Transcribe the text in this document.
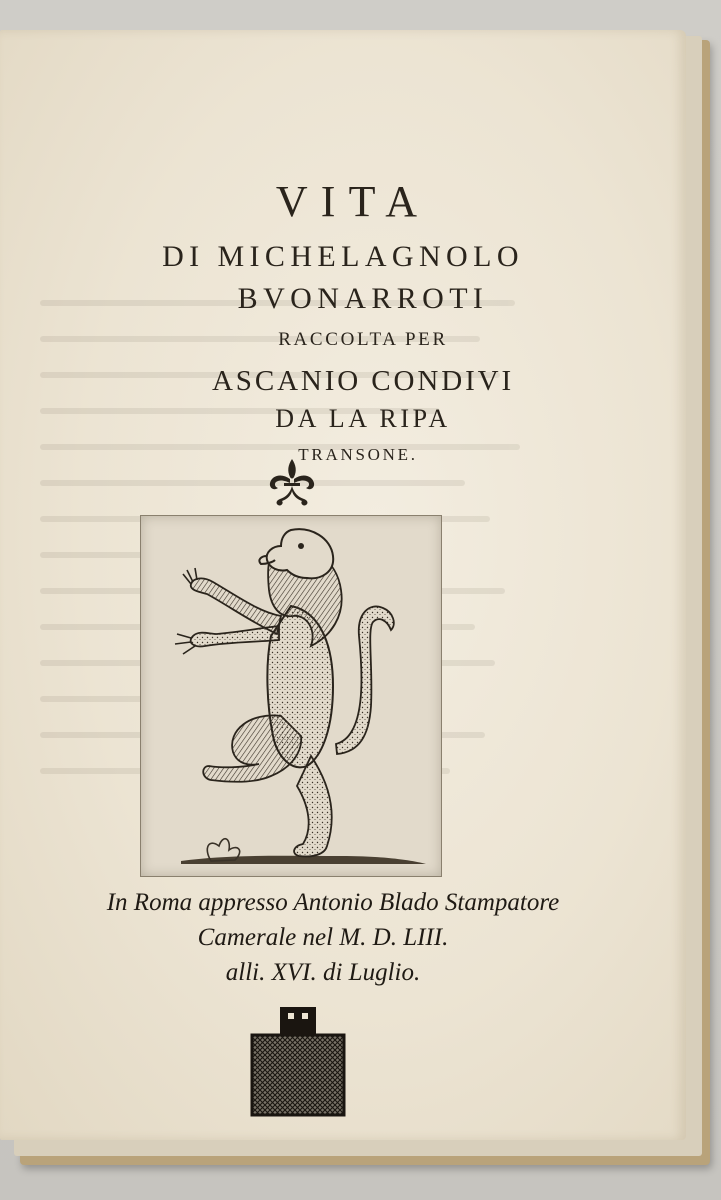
VITA
DI MICHELAGNOLO
BVONARROTI
RACCOLTA PER
ASCANIO CONDIVI
DA LA RIPA
TRANSONE.
In Roma appresso Antonio Blado Stampatore
Camerale nel M. D. LIII.
alli. XVI. di Luglio.
